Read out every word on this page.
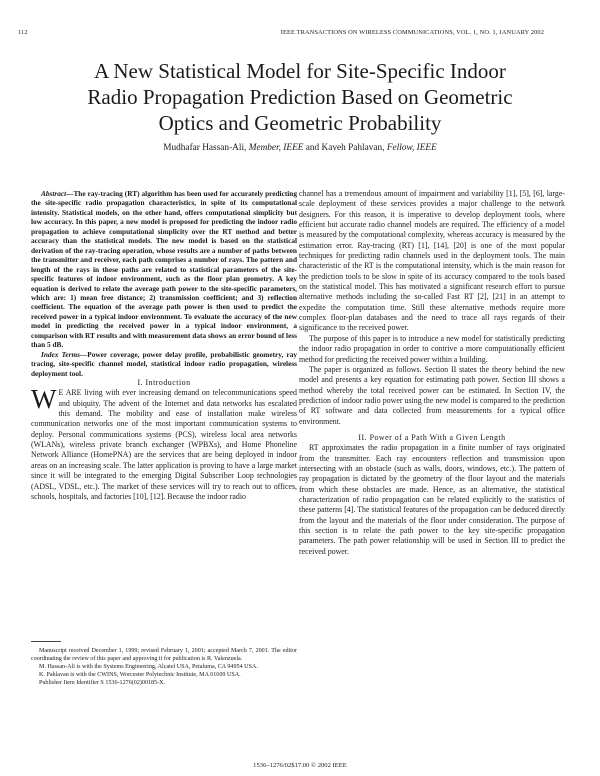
112	IEEE TRANSACTIONS ON WIRELESS COMMUNICATIONS, VOL. 1, NO. 1, JANUARY 2002
A New Statistical Model for Site-Specific Indoor
Radio Propagation Prediction Based on Geometric
Optics and Geometric Probability
Mudhafar Hassan-Ali, Member, IEEE and Kaveh Pahlavan, Fellow, IEEE

Abstract—The ray-tracing (RT) algorithm has been used for accurately predicting the site-specific radio propagation characteristics, in spite of its computational intensity. Statistical models, on the other hand, offers computational simplicity but low accuracy. In this paper, a new model is proposed for predicting the indoor radio propagation to achieve computational simplicity over the RT method and better accuracy than the statistical models. The new model is based on the statistical derivation of the ray-tracing operation, whose results are a number of paths between the transmitter and receiver, each path comprises a number of rays. The pattern and length of the rays in these paths are related to statistical parameters of the site-specific features of indoor environment, such as the floor plan geometry. A key equation is derived to relate the average path power to the site-specific parameters, which are: 1) mean free distance; 2) transmission coefficient; and 3) reflection coefficient. The equation of the average path power is then used to predict the received power in a typical indoor environment. To evaluate the accuracy of the new model in predicting the received power in a typical indoor environment, a comparison with RT results and with measurement data shows an error bound of less than 5 dB.

Index Terms—Power coverage, power delay profile, probabilistic geometry, ray tracing, site-specific channel model, statistical indoor radio propagation, wireless deployment tool.

I. Introduction

W E ARE living with ever increasing demand on telecommunications speed and ubiquity. The advent of the Internet and data networks has escalated this demand. The mobility and ease of installation make wireless communication networks one of the most important communication systems to deploy. Personal communications systems (PCS), wireless local area networks (WLANs), wireless private branch exchanger (WPBXs), and Home Phoneline Network Alliance (HomePNA) are the services that are being deployed in indoor areas on an increasing scale. The latter application is proving to have a large market since it will be integrated to the emerging Digital Subscriber Loop technologies (ADSL, VDSL, etc.). The market of these services will try to reach out to offices, schools, hospitals, and factories [10], [12]. Because the indoor radio

Manuscript received December 1, 1999; revised February 1, 2001; accepted March 7, 2001. The editor coordinating the review of this paper and approving it for publication is R. Valenzuela.

M. Hassan-Ali is with the Systems Engineering, Alcatel USA, Petaluma, CA 94954 USA.

K. Pahlavan is with the CWINS, Worcester Polytechnic Institute, MA 01609 USA.

Publisher Item Identifier S 1536-1276(02)00185-X.

channel has a tremendous amount of impairment and variability [1], [5], [6], large-scale deployment of these services provides a major challenge to the network designers. For this reason, it is imperative to develop deployment tools, where efficient but accurate radio channel models are required. The efficiency of a model is measured by the computational complexity, whereas accuracy is measured by the estimation error. Ray-tracing (RT) [1], [14], [20] is one of the most popular techniques for predicting radio channels used in the deployment tools. The main characteristic of the RT is the computational intensity, which is the main reason for the prediction tools to be slow in spite of its accuracy compared to the tools based on the statistical model. This has motivated a significant research effort to pursue alternative methods including the so-called Fast RT [2], [21] in an attempt to expedite the computation time. Still these alternative methods require more complex floor-plan databases and the need to trace all rays regards of their significance to the received power.

The purpose of this paper is to introduce a new model for statistically predicting the indoor radio propagation in order to contrive a more computationally efficient method for predicting the received power within a building.

The paper is organized as follows. Section II states the theory behind the new model and presents a key equation for estimating path power. Section III shows a method whereby the total received power can be estimated. In Section IV, the prediction of indoor radio power using the new model is compared to the prediction of RT software and data collected from measurements for a typical office environment.

II. Power of a Path With a Given Length

RT approximates the radio propagation in a finite number of rays originated from the transmitter. Each ray encounters reflection and transmission upon intersecting with an obstacle (such as walls, doors, windows, etc.). The pattern of ray propagation is dictated by the geometry of the floor layout and the materials from which these obstacles are made. Hence, as an alternative, the statistical characterization of radio propagation can be related explicitly to the statistics of these patterns [4]. The statistical features of the propagation can be deduced directly from the layout and the materials of the floor under consideration. The purpose of this section is to relate the path power to the key site-specific propagation parameters. The path power relationship will be used in Section III to predict the received power.

1536–1276/02$17.00 © 2002 IEEE
